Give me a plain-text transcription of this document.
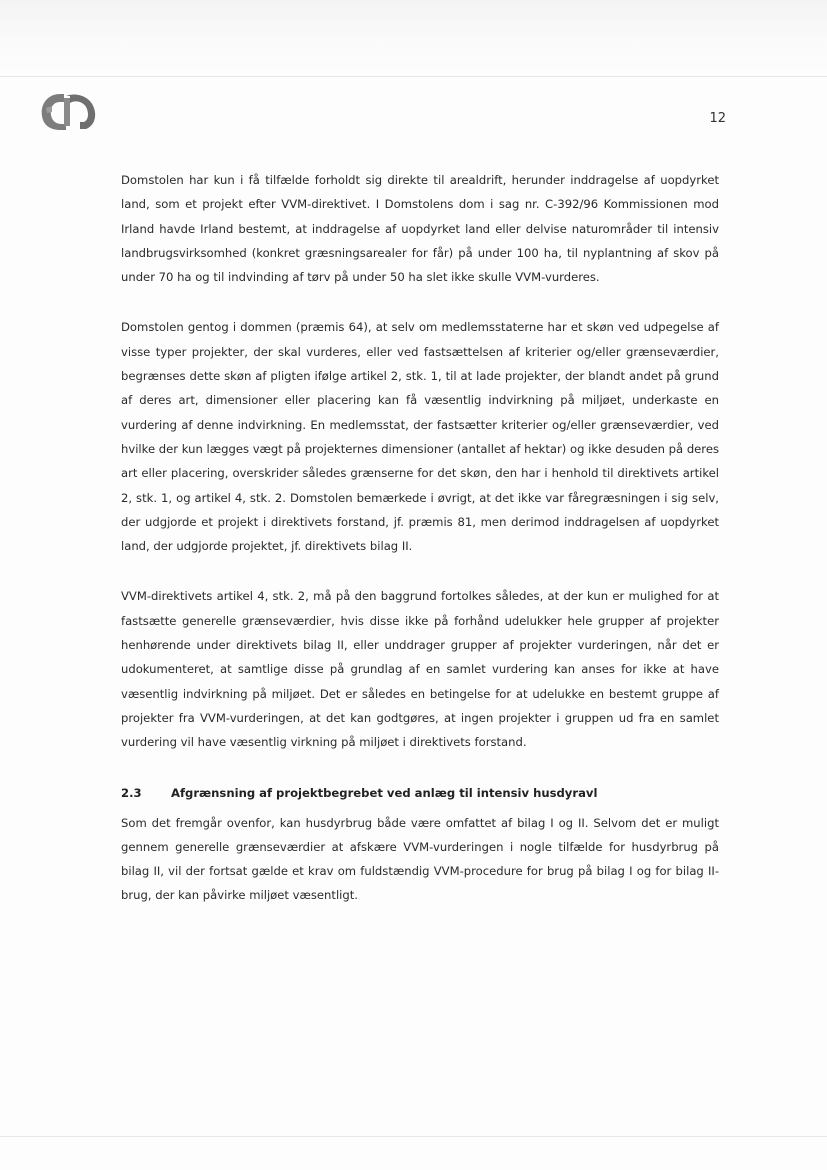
12

Domstolen har kun i få tilfælde forholdt sig direkte til arealdrift, herunder inddragelse af uopdyrket land, som et projekt efter VVM-direktivet. I Domstolens dom i sag nr. C-392/96 Kommissionen mod Irland havde Irland bestemt, at inddragelse af uopdyrket land eller delvise naturområder til intensiv landbrugsvirksomhed (konkret græsningsarealer for får) på under 100 ha, til nyplantning af skov på under 70 ha og til indvinding af tørv på under 50 ha slet ikke skulle VVM-vurderes.

Domstolen gentog i dommen (præmis 64), at selv om medlemsstaterne har et skøn ved udpegelse af visse typer projekter, der skal vurderes, eller ved fastsættelsen af kriterier og/eller grænseværdier, begrænses dette skøn af pligten ifølge artikel 2, stk. 1, til at lade projekter, der blandt andet på grund af deres art, dimensioner eller placering kan få væsentlig indvirkning på miljøet, underkaste en vurdering af denne indvirkning. En medlemsstat, der fastsætter kriterier og/eller grænseværdier, ved hvilke der kun lægges vægt på projekternes dimensioner (antallet af hektar) og ikke desuden på deres art eller placering, overskrider således grænserne for det skøn, den har i henhold til direktivets artikel 2, stk. 1, og artikel 4, stk. 2. Domstolen bemærkede i øvrigt, at det ikke var fåregræsningen i sig selv, der udgjorde et projekt i direktivets forstand, jf. præmis 81, men derimod inddragelsen af uopdyrket land, der udgjorde projektet, jf. direktivets bilag II.

VVM-direktivets artikel 4, stk. 2, må på den baggrund fortolkes således, at der kun er mulighed for at fastsætte generelle grænseværdier, hvis disse ikke på forhånd udelukker hele grupper af projekter henhørende under direktivets bilag II, eller unddrager grupper af projekter vurderingen, når det er udokumenteret, at samtlige disse på grundlag af en samlet vurdering kan anses for ikke at have væsentlig indvirkning på miljøet. Det er således en betingelse for at udelukke en bestemt gruppe af projekter fra VVM-vurderingen, at det kan godtgøres, at ingen projekter i gruppen ud fra en samlet vurdering vil have væsentlig virkning på miljøet i direktivets forstand.

2.3	Afgrænsning af projektbegrebet ved anlæg til intensiv husdyravl

Som det fremgår ovenfor, kan husdyrbrug både være omfattet af bilag I og II. Selvom det er muligt gennem generelle grænseværdier at afskære VVM-vurderingen i nogle tilfælde for husdyrbrug på bilag II, vil der fortsat gælde et krav om fuldstændig VVM-procedure for brug på bilag I og for bilag II-brug, der kan påvirke miljøet væsentligt.
